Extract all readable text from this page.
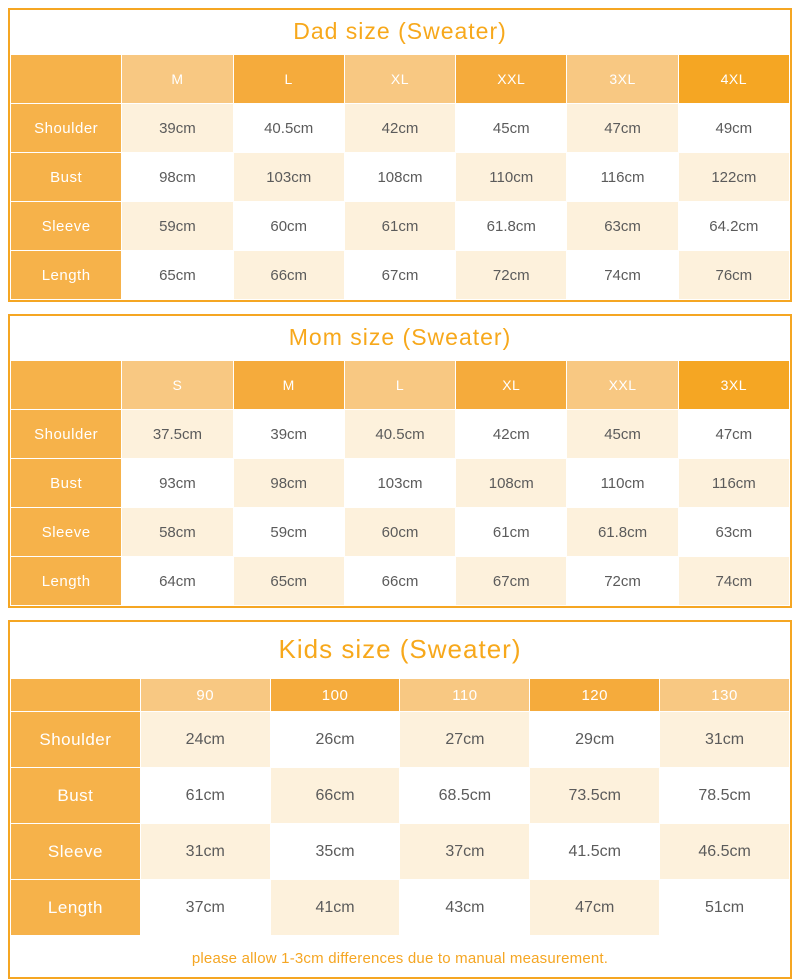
Dad size (Sweater)
	M	L	XL	XXL	3XL	4XL
Shoulder	39cm	40.5cm	42cm	45cm	47cm	49cm
Bust	98cm	103cm	108cm	110cm	116cm	122cm
Sleeve	59cm	60cm	61cm	61.8cm	63cm	64.2cm
Length	65cm	66cm	67cm	72cm	74cm	76cm
Mom size (Sweater)
	S	M	L	XL	XXL	3XL
Shoulder	37.5cm	39cm	40.5cm	42cm	45cm	47cm
Bust	93cm	98cm	103cm	108cm	110cm	116cm
Sleeve	58cm	59cm	60cm	61cm	61.8cm	63cm
Length	64cm	65cm	66cm	67cm	72cm	74cm
Kids size (Sweater)
	90	100	110	120	130
Shoulder	24cm	26cm	27cm	29cm	31cm
Bust	61cm	66cm	68.5cm	73.5cm	78.5cm
Sleeve	31cm	35cm	37cm	41.5cm	46.5cm
Length	37cm	41cm	43cm	47cm	51cm
please allow 1-3cm differences due to manual measurement.
